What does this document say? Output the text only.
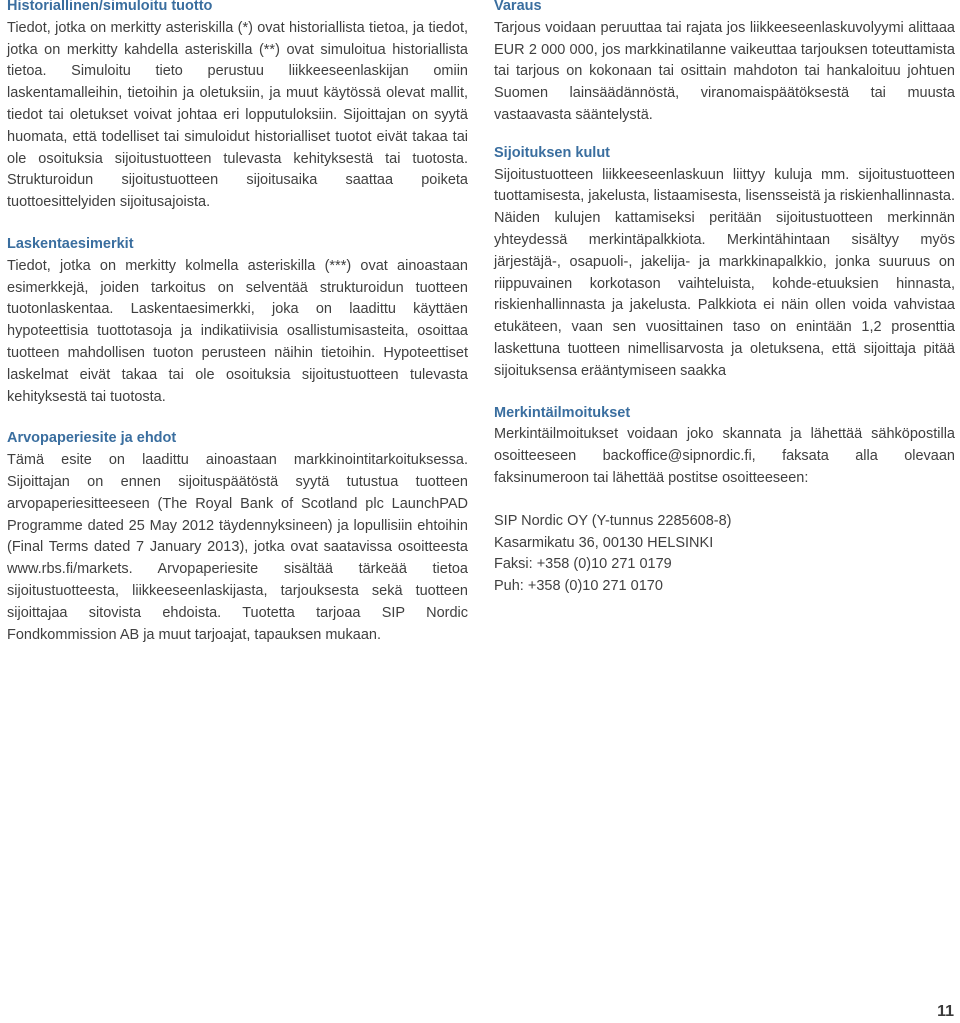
Historiallinen/simuloitu tuotto

Tiedot, jotka on merkitty asteriskilla (*) ovat historiallista tietoa, ja tiedot, jotka on merkitty kahdella asteriskilla (**) ovat simuloitua historiallista tietoa. Simuloitu tieto perustuu liikkeeseenlaskijan omiin laskentamalleihin, tietoihin ja oletuksiin, ja muut käytössä olevat mallit, tiedot tai oletukset voivat johtaa eri lopputuloksiin. Sijoittajan on syytä huomata, että todelliset tai simuloidut historialliset tuotot eivät takaa tai ole osoituksia sijoitustuotteen tulevasta kehityksestä tai tuotosta. Strukturoidun sijoitustuotteen sijoitusaika saattaa poiketa tuottoesittelyiden sijoitusajoista.

Laskentaesimerkit

Tiedot, jotka on merkitty kolmella asteriskilla (***) ovat ainoastaan esimerkkejä, joiden tarkoitus on selventää strukturoidun tuotteen tuotonlaskentaa. Laskentaesimerkki, joka on laadittu käyttäen hypoteettisia tuottotasoja ja indikatiivisia osallistumisasteita, osoittaa tuotteen mahdollisen tuoton perusteen näihin tietoihin. Hypoteettiset laskelmat eivät takaa tai ole osoituksia sijoitustuotteen tulevasta kehityksestä tai tuotosta.

Arvopaperiesite ja ehdot

Tämä esite on laadittu ainoastaan markkinointitarkoituksessa. Sijoittajan on ennen sijoituspäätöstä syytä tutustua tuotteen arvopaperiesitteeseen (The Royal Bank of Scotland plc LaunchPAD Programme dated 25 May 2012 täydennyksineen) ja lopullisiin ehtoihin (Final Terms dated 7 January 2013), jotka ovat saatavissa osoitteesta www.rbs.fi/markets. Arvopaperiesite sisältää tärkeää tietoa sijoitustuotteesta, liikkeeseenlaskijasta, tarjouksesta sekä tuotteen sijoittajaa sitovista ehdoista. Tuotetta tarjoaa SIP Nordic Fondkommission AB ja muut tarjoajat, tapauksen mukaan.

Varaus

Tarjous voidaan peruuttaa tai rajata jos liikkeeseenlaskuvolyymi alittaaa EUR 2 000 000, jos markkinatilanne vaikeuttaa tarjouksen toteuttamista tai tarjous on kokonaan tai osittain mahdoton tai hankaloituu johtuen Suomen lainsäädännöstä, viranomaispäätöksestä tai muusta vastaavasta sääntelystä.

Sijoituksen kulut

Sijoitustuotteen liikkeeseenlaskuun liittyy kuluja mm. sijoitustuotteen tuottamisesta, jakelusta, listaamisesta, lisensseistä ja riskienhallinnasta. Näiden kulujen kattamiseksi peritään sijoitustuotteen merkinnän yhteydessä merkintäpalkkiota. Merkintähintaan sisältyy myös järjestäjä-, osapuoli-, jakelija- ja markkinapalkkio, jonka suuruus on riippuvainen korkotason vaihteluista, kohde-etuuksien hinnasta, riskienhallinnasta ja jakelusta. Palkkiota ei näin ollen voida vahvistaa etukäteen, vaan sen vuosittainen taso on enintään 1,2 prosenttia laskettuna tuotteen nimellisarvosta ja oletuksena, että sijoittaja pitää sijoituksensa erääntymiseen saakka

Merkintäilmoitukset

Merkintäilmoitukset voidaan joko skannata ja lähettää sähköpostilla osoitteeseen backoffice@sipnordic.fi, faksata alla olevaan faksinumeroon tai lähettää postitse osoitteeseen:

SIP Nordic OY (Y-tunnus 2285608-8)
Kasarmikatu 36, 00130 HELSINKI
Faksi: +358 (0)10 271 0179
Puh: +358 (0)10 271 0170
11
